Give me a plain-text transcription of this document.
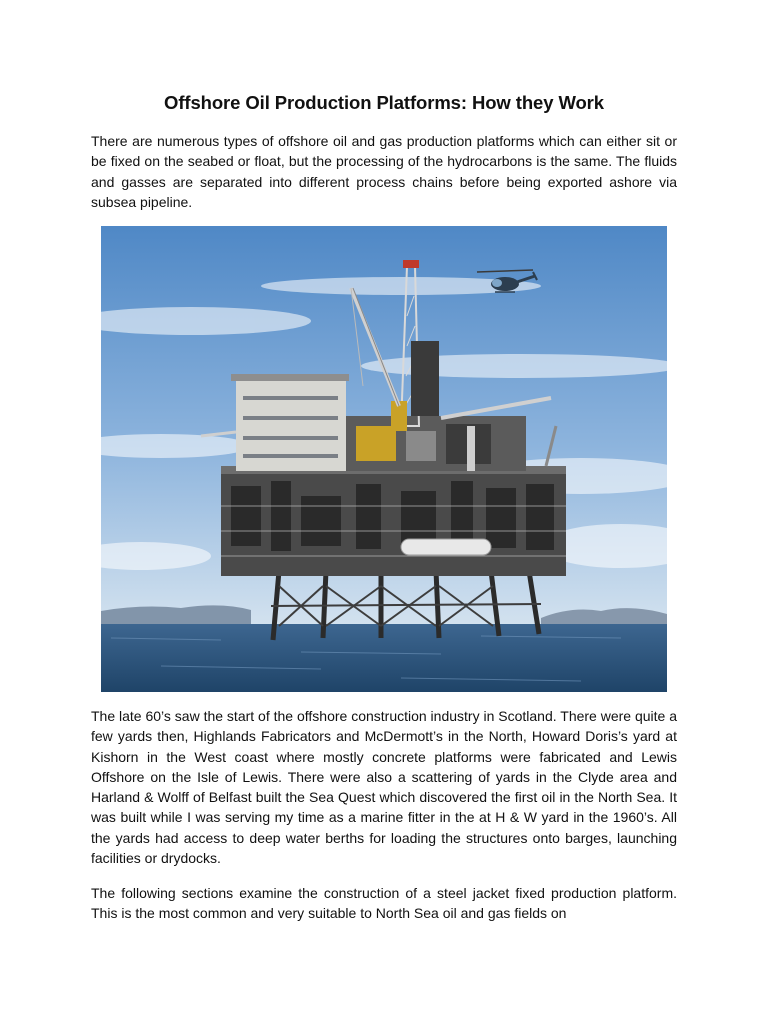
Offshore Oil Production Platforms: How they Work
There are numerous types of offshore oil and gas production platforms which can either sit or be fixed on the seabed or float, but the processing of the hydrocarbons is the same. The fluids and gasses are separated into different process chains before being exported ashore via subsea pipeline.
The late 60’s saw the start of the offshore construction industry in Scotland. There were quite a few yards then, Highlands Fabricators and McDermott’s in the North, Howard Doris’s yard at Kishorn in the West coast where mostly concrete platforms were fabricated and Lewis Offshore on the Isle of Lewis. There were also a scattering of yards in the Clyde area and Harland & Wolff of Belfast built the Sea Quest which discovered the first oil in the North Sea. It was built while I was serving my time as a marine fitter in the at H & W yard in the 1960’s. All the yards had access to deep water berths for loading the structures onto barges, launching facilities or drydocks.
The following sections examine the construction of a steel jacket fixed production platform. This is the most common and very suitable to North Sea oil and gas fields on
